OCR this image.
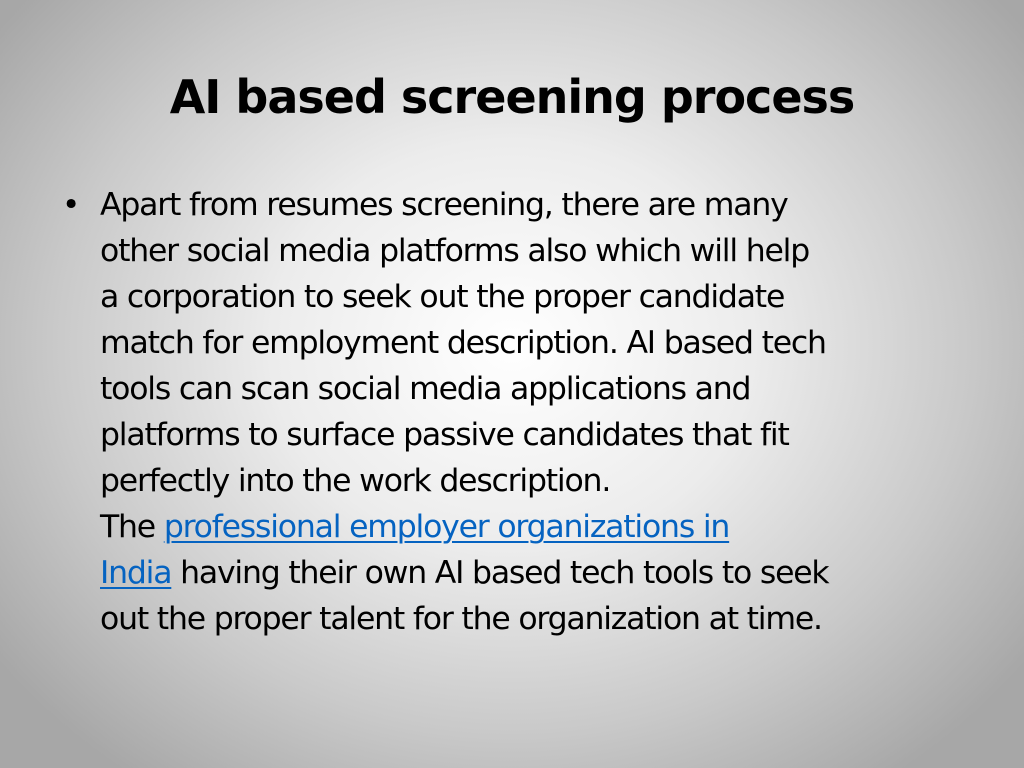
AI based screening process
• Apart from resumes screening, there are many
other social media platforms also which will help
a corporation to seek out the proper candidate
match for employment description. AI based tech
tools can scan social media applications and
platforms to surface passive candidates that fit
perfectly into the work description.
The professional employer organizations in
India having their own AI based tech tools to seek
out the proper talent for the organization at time.
